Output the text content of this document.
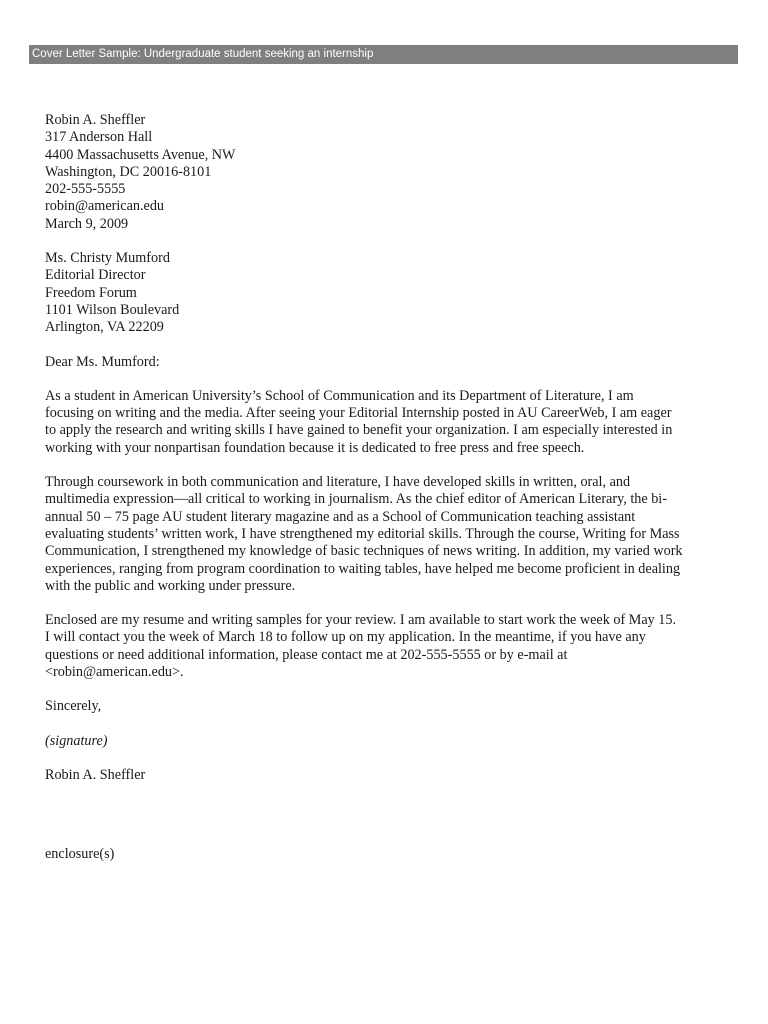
Cover Letter Sample: Undergraduate student seeking an internship
Robin A. Sheffler
317 Anderson Hall
4400 Massachusetts Avenue, NW
Washington, DC 20016-8101
202-555-5555
robin@american.edu
March 9, 2009
Ms. Christy Mumford
Editorial Director
Freedom Forum
1101 Wilson Boulevard
Arlington, VA 22209
Dear Ms. Mumford:
As a student in American University’s School of Communication and its Department of Literature, I am
focusing on writing and the media. After seeing your Editorial Internship posted in AU CareerWeb, I am eager
to apply the research and writing skills I have gained to benefit your organization. I am especially interested in
working with your nonpartisan foundation because it is dedicated to free press and free speech.
Through coursework in both communication and literature, I have developed skills in written, oral, and
multimedia expression—all critical to working in journalism. As the chief editor of American Literary, the bi-
annual 50 – 75 page AU student literary magazine and as a School of Communication teaching assistant
evaluating students’ written work, I have strengthened my editorial skills. Through the course, Writing for Mass
Communication, I strengthened my knowledge of basic techniques of news writing. In addition, my varied work
experiences, ranging from program coordination to waiting tables, have helped me become proficient in dealing
with the public and working under pressure.
Enclosed are my resume and writing samples for your review. I am available to start work the week of May 15.
I will contact you the week of March 18 to follow up on my application. In the meantime, if you have any
questions or need additional information, please contact me at 202-555-5555 or by e-mail at
<robin@american.edu>.
Sincerely,
(signature)
Robin A. Sheffler
enclosure(s)
